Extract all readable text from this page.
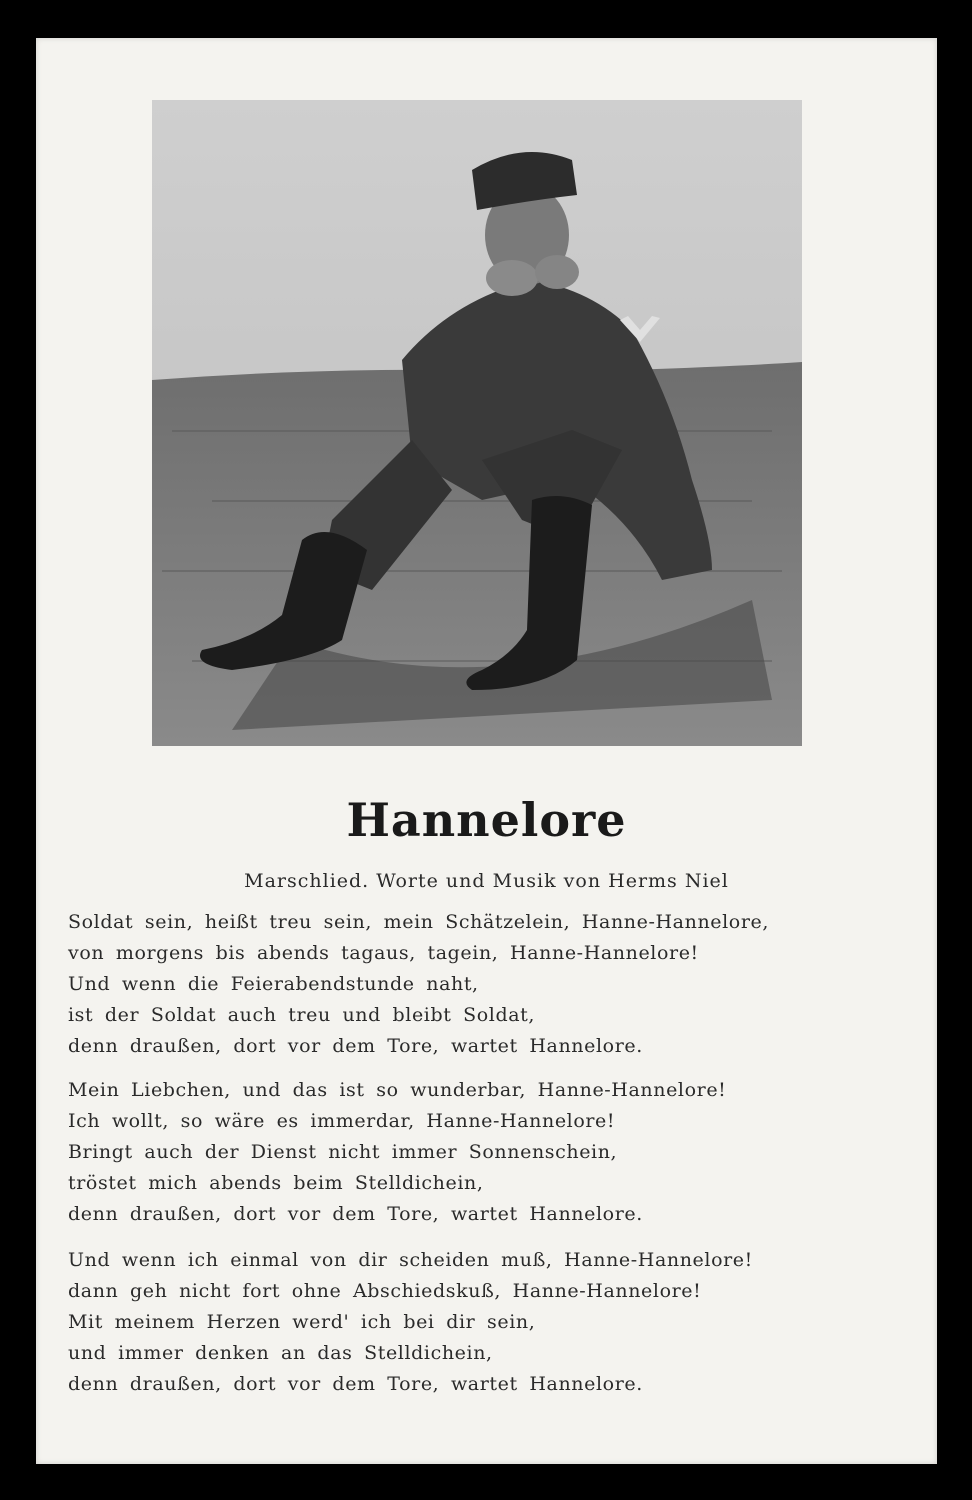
Hannelore
Marschlied. Worte und Musik von Herms Niel
Soldat sein, heißt treu sein, mein Schätzelein, Hanne-Hannelore,
von morgens bis abends tagaus, tagein, Hanne-Hannelore!
Und wenn die Feierabendstunde naht,
ist der Soldat auch treu und bleibt Soldat,
denn draußen, dort vor dem Tore, wartet Hannelore.
Mein Liebchen, und das ist so wunderbar, Hanne-Hannelore!
Ich wollt, so wäre es immerdar, Hanne-Hannelore!
Bringt auch der Dienst nicht immer Sonnenschein,
tröstet mich abends beim Stelldichein,
denn draußen, dort vor dem Tore, wartet Hannelore.
Und wenn ich einmal von dir scheiden muß, Hanne-Hannelore!
dann geh nicht fort ohne Abschiedskuß, Hanne-Hannelore!
Mit meinem Herzen werd' ich bei dir sein,
und immer denken an das Stelldichein,
denn draußen, dort vor dem Tore, wartet Hannelore.
